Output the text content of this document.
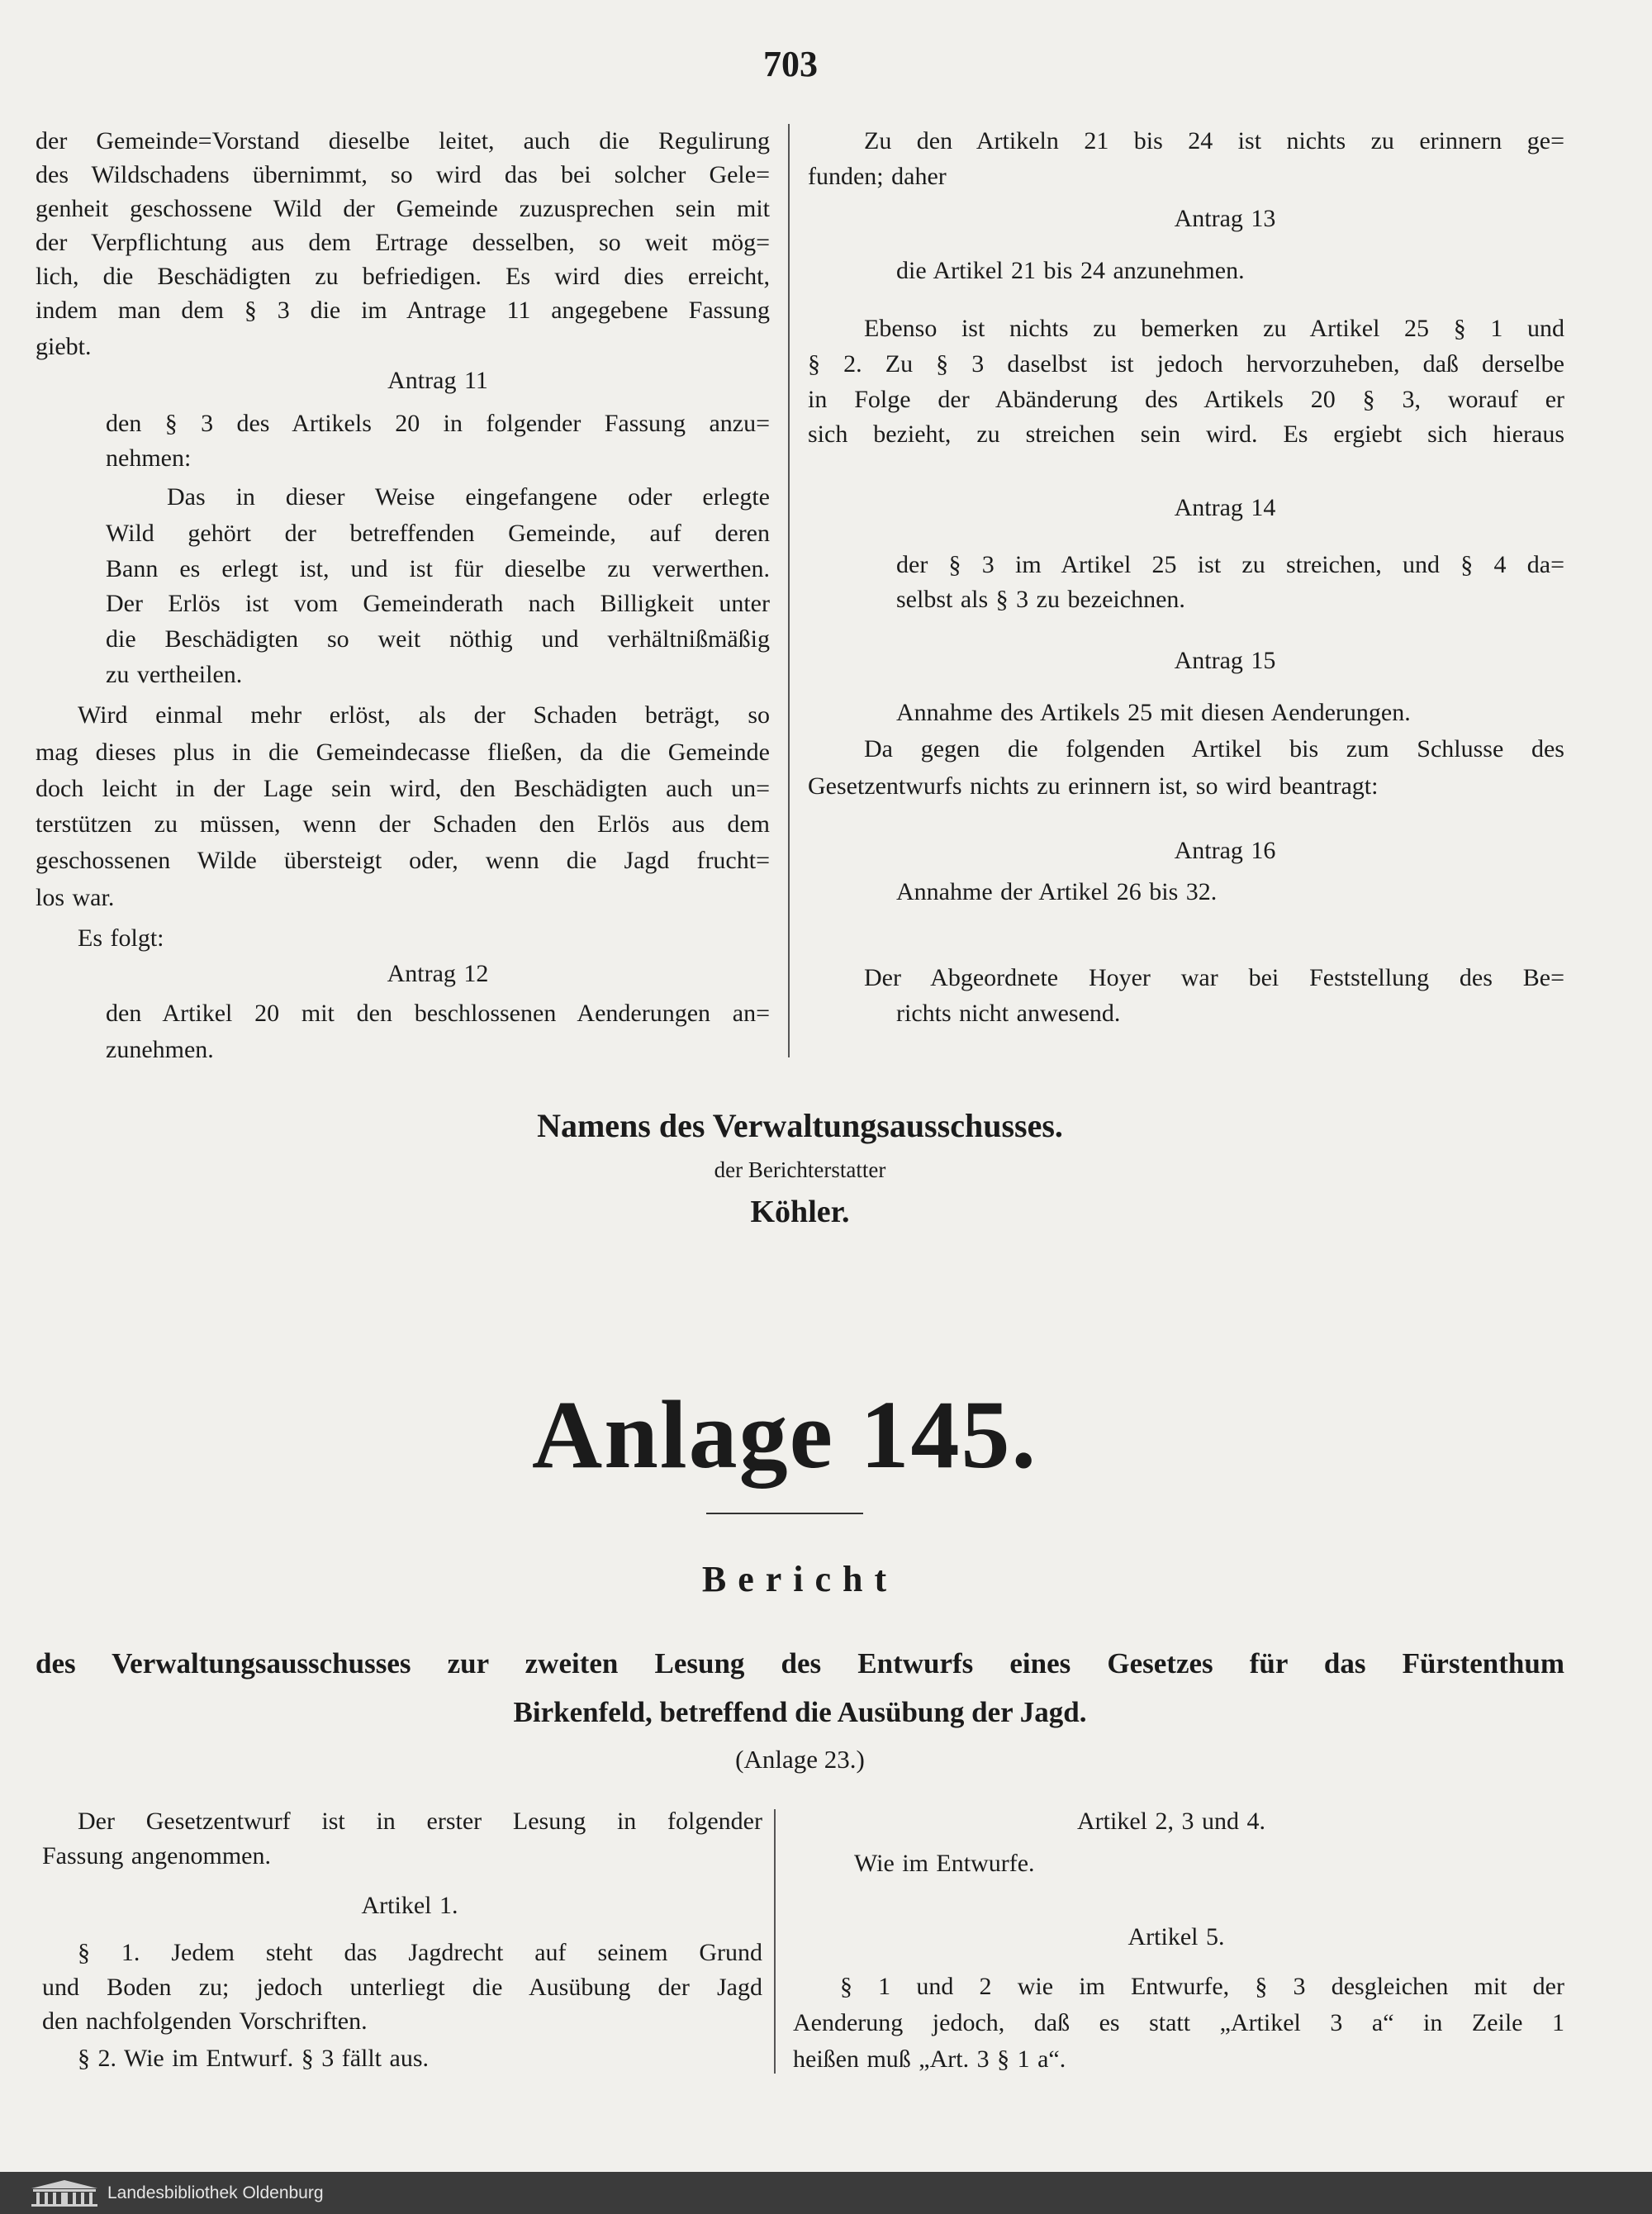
703
der Gemeinde=Vorstand dieselbe leitet, auch die Regulirung
des Wildschadens übernimmt, so wird das bei solcher Gele=
genheit geschossene Wild der Gemeinde zuzusprechen sein mit
der Verpflichtung aus dem Ertrage desselben, so weit mög=
lich, die Beschädigten zu befriedigen. Es wird dies erreicht,
indem man dem § 3 die im Antrage 11 angegebene Fassung
giebt.
Antrag 11
den § 3 des Artikels 20 in folgender Fassung anzu=
nehmen:
Das in dieser Weise eingefangene oder erlegte
Wild gehört der betreffenden Gemeinde, auf deren
Bann es erlegt ist, und ist für dieselbe zu verwerthen.
Der Erlös ist vom Gemeinderath nach Billigkeit unter
die Beschädigten so weit nöthig und verhältnißmäßig
zu vertheilen.
Wird einmal mehr erlöst, als der Schaden beträgt, so
mag dieses plus in die Gemeindecasse fließen, da die Gemeinde
doch leicht in der Lage sein wird, den Beschädigten auch un=
terstützen zu müssen, wenn der Schaden den Erlös aus dem
geschossenen Wilde übersteigt oder, wenn die Jagd frucht=
los war.
Es folgt:
Antrag 12
den Artikel 20 mit den beschlossenen Aenderungen an=
zunehmen.
Zu den Artikeln 21 bis 24 ist nichts zu erinnern ge=
funden; daher
Antrag 13
die Artikel 21 bis 24 anzunehmen.
Ebenso ist nichts zu bemerken zu Artikel 25 § 1 und
§ 2. Zu § 3 daselbst ist jedoch hervorzuheben, daß derselbe
in Folge der Abänderung des Artikels 20 § 3, worauf er
sich bezieht, zu streichen sein wird. Es ergiebt sich hieraus
Antrag 14
der § 3 im Artikel 25 ist zu streichen, und § 4 da=
selbst als § 3 zu bezeichnen.
Antrag 15
Annahme des Artikels 25 mit diesen Aenderungen.
Da gegen die folgenden Artikel bis zum Schlusse des
Gesetzentwurfs nichts zu erinnern ist, so wird beantragt:
Antrag 16
Annahme der Artikel 26 bis 32.
Der Abgeordnete Hoyer war bei Feststellung des Be=
richts nicht anwesend.
Namens des Verwaltungsausschusses.
der Berichterstatter
Köhler.
Anlage 145.
Bericht
des Verwaltungsausschusses zur zweiten Lesung des Entwurfs eines Gesetzes für das Fürstenthum
Birkenfeld, betreffend die Ausübung der Jagd.
(Anlage 23.)
Der Gesetzentwurf ist in erster Lesung in folgender
Fassung angenommen.
Artikel 1.
§ 1. Jedem steht das Jagdrecht auf seinem Grund
und Boden zu; jedoch unterliegt die Ausübung der Jagd
den nachfolgenden Vorschriften.
§ 2. Wie im Entwurf. § 3 fällt aus.
Artikel 2, 3 und 4.
Wie im Entwurfe.
Artikel 5.
§ 1 und 2 wie im Entwurfe, § 3 desgleichen mit der
Aenderung jedoch, daß es statt „Artikel 3 a“ in Zeile 1
heißen muß „Art. 3 § 1 a“.
Landesbibliothek Oldenburg
